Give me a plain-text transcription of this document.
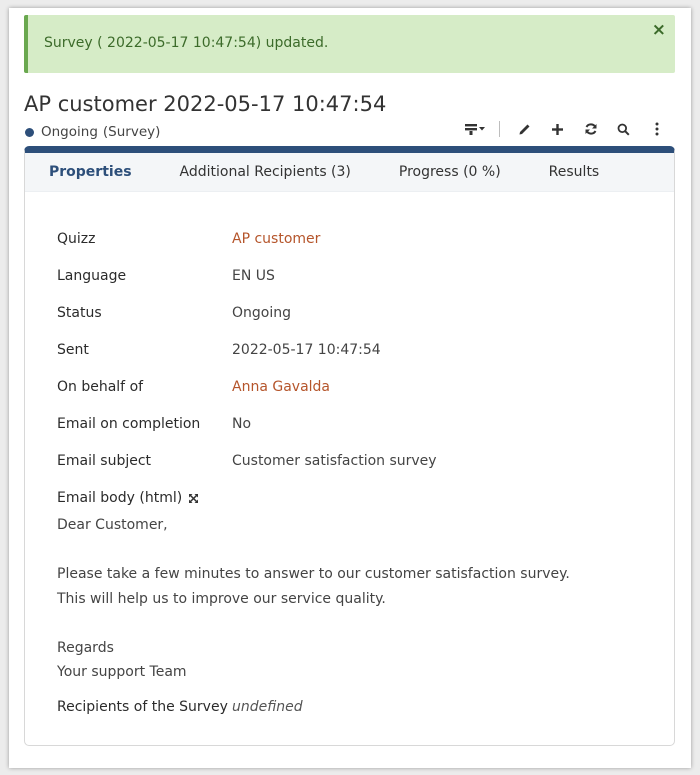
Survey ( 2022-05-17 10:47:54) updated.
×
AP customer 2022-05-17 10:47:54
Ongoing (Survey)
Properties	Additional Recipients (3)	Progress (0 %)	Results
Quizz	AP customer
Language	EN US
Status	Ongoing
Sent	2022-05-17 10:47:54
On behalf of	Anna Gavalda
Email on completion	No
Email subject	Customer satisfaction survey
Email body (html)

Dear Customer,

Please take a few minutes to answer to our customer satisfaction survey.

This will help us to improve our service quality.

Regards

Your support Team

Recipients of the Survey undefined
